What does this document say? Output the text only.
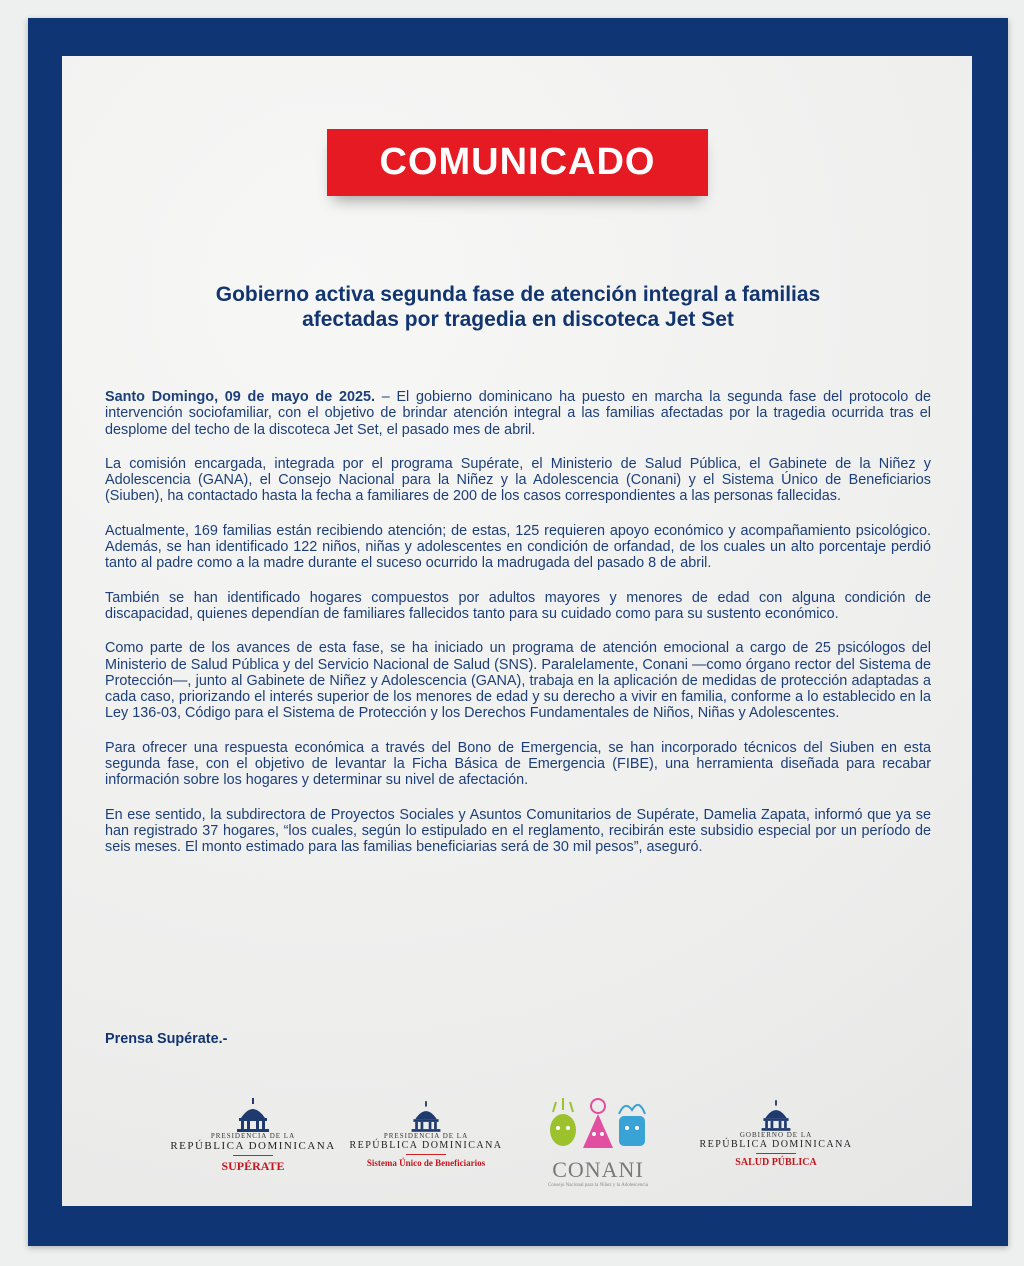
COMUNICADO
Gobierno activa segunda fase de atención integral a familias
afectadas por tragedia en discoteca Jet Set

Santo Domingo, 09 de mayo de 2025. – El gobierno dominicano ha puesto en marcha la segunda fase del protocolo de intervención sociofamiliar, con el objetivo de brindar atención integral a las familias afectadas por la tragedia ocurrida tras el desplome del techo de la discoteca Jet Set, el pasado mes de abril.

La comisión encargada, integrada por el programa Supérate, el Ministerio de Salud Pública, el Gabinete de la Niñez y Adolescencia (GANA), el Consejo Nacional para la Niñez y la Adolescencia (Conani) y el Sistema Único de Beneficiarios (Siuben), ha contactado hasta la fecha a familiares de 200 de los casos correspondientes a las personas fallecidas.

Actualmente, 169 familias están recibiendo atención; de estas, 125 requieren apoyo económico y acompañamiento psicológico. Además, se han identificado 122 niños, niñas y adolescentes en condición de orfandad, de los cuales un alto porcentaje perdió tanto al padre como a la madre durante el suceso ocurrido la madrugada del pasado 8 de abril.

También se han identificado hogares compuestos por adultos mayores y menores de edad con alguna condición de discapacidad, quienes dependían de familiares fallecidos tanto para su cuidado como para su sustento económico.

Como parte de los avances de esta fase, se ha iniciado un programa de atención emocional a cargo de 25 psicólogos del Ministerio de Salud Pública y del Servicio Nacional de Salud (SNS). Paralelamente, Conani —como órgano rector del Sistema de Protección—, junto al Gabinete de Niñez y Adolescencia (GANA), trabaja en la aplicación de medidas de protección adaptadas a cada caso, priorizando el interés superior de los menores de edad y su derecho a vivir en familia, conforme a lo establecido en la Ley 136-03, Código para el Sistema de Protección y los Derechos Fundamentales de Niños, Niñas y Adolescentes.

Para ofrecer una respuesta económica a través del Bono de Emergencia, se han incorporado técnicos del Siuben en esta segunda fase, con el objetivo de levantar la Ficha Básica de Emergencia (FIBE), una herramienta diseñada para recabar información sobre los hogares y determinar su nivel de afectación.

En ese sentido, la subdirectora de Proyectos Sociales y Asuntos Comunitarios de Supérate, Damelia Zapata, informó que ya se han registrado 37 hogares, “los cuales, según lo estipulado en el reglamento, recibirán este subsidio especial por un período de seis meses. El monto estimado para las familias beneficiarias será de 30 mil pesos”, aseguró.

Prensa Supérate.-
PRESIDENCIA DE LA
REPÚBLICA DOMINICANA
SUPÉRATE
PRESIDENCIA DE LA
REPÚBLICA DOMINICANA
Sistema Único de Beneficiarios	CONANI
Consejo Nacional para la Niñez y la Adolescencia
GOBIERNO DE LA
REPÚBLICA DOMINICANA
SALUD PÚBLICA
